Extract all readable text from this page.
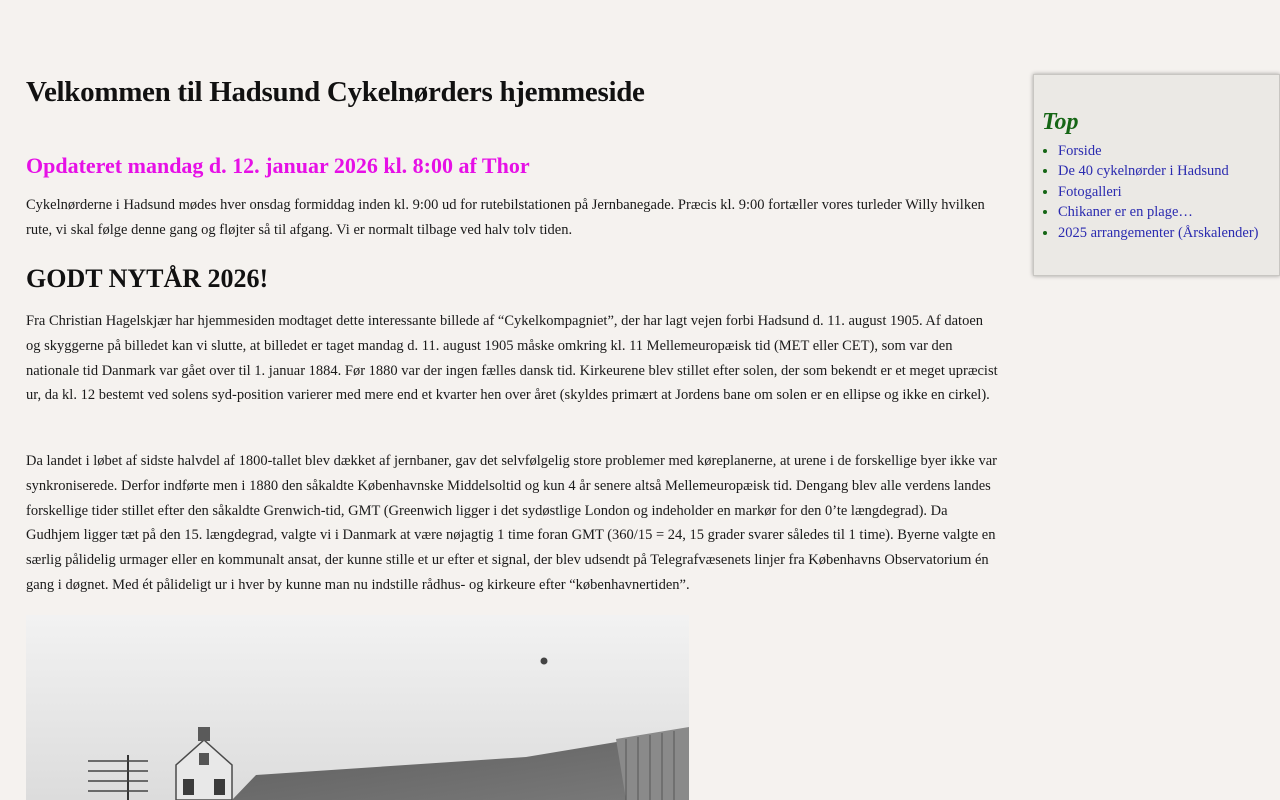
Velkommen til Hadsund Cykelnørders hjemmeside
Opdateret mandag d. 12. januar 2026 kl. 8:00 af Thor

Cykelnørderne i Hadsund mødes hver onsdag formiddag inden kl. 9:00 ud for rutebilstationen på Jernbanegade. Præcis kl. 9:00 fortæller vores turleder Willy hvilken rute, vi skal følge denne gang og fløjter så til afgang. Vi er normalt tilbage ved halv tolv tiden.

GODT NYTÅR 2026!

Fra Christian Hagelskjær har hjemmesiden modtaget dette interessante billede af “Cykelkompagniet”, der har lagt vejen forbi Hadsund d. 11. august 1905. Af datoen og skyggerne på billedet kan vi slutte, at billedet er taget mandag d. 11. august 1905 måske omkring kl. 11 Mellemeuropæisk tid (MET eller CET), som var den nationale tid Danmark var gået over til 1. januar 1884. Før 1880 var der ingen fælles dansk tid. Kirkeurene blev stillet efter solen, der som bekendt er et meget upræcist ur, da kl. 12 bestemt ved solens syd-position varierer med mere end et kvarter hen over året (skyldes primært at Jordens bane om solen er en ellipse og ikke en cirkel).

Da landet i løbet af sidste halvdel af 1800-tallet blev dækket af jernbaner, gav det selvfølgelig store problemer med køreplanerne, at urene i de forskellige byer ikke var synkroniserede. Derfor indførte men i 1880 den såkaldte Københavnske Middelsoltid og kun 4 år senere altså Mellemeuropæisk tid. Dengang blev alle verdens landes forskellige tider stillet efter den såkaldte Grenwich-tid, GMT (Greenwich ligger i det sydøstlige London og indeholder en markør for den 0’te længdegrad). Da Gudhjem ligger tæt på den 15. længdegrad, valgte vi i Danmark at være nøjagtig 1 time foran GMT (360/15 = 24, 15 grader svarer således til 1 time). Byerne valgte en særlig pålidelig urmager eller en kommunalt ansat, der kunne stille et ur efter et signal, der blev udsendt på Telegrafvæsenets linjer fra Københavns Observatorium én gang i døgnet. Med ét pålideligt ur i hver by kunne man nu indstille rådhus- og kirkeure efter “københavnertiden”.

Top
• Forside
• De 40 cykelnørder i Hadsund
• Fotogalleri
• Chikaner er en plage…
• 2025 arrangementer (Årskalender)
